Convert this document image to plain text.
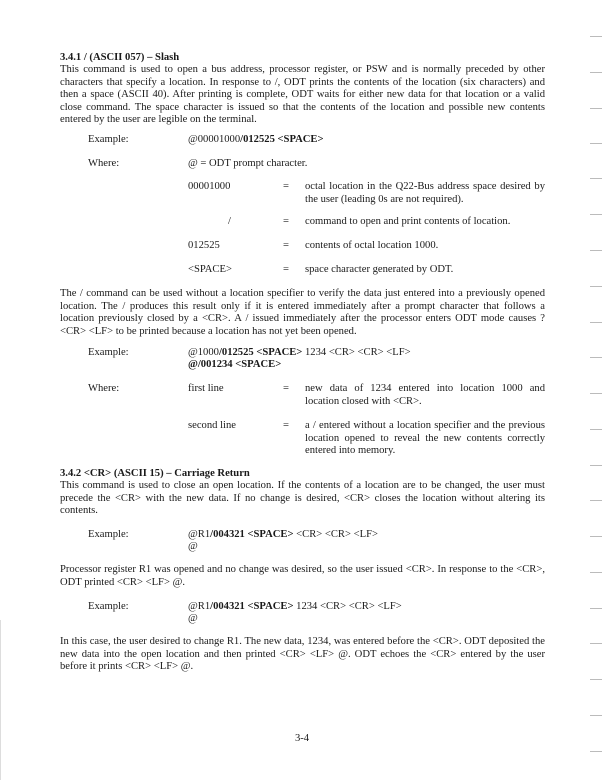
3.4.1 / (ASCII 057) – Slash
This command is used to open a bus address, processor register, or PSW and is normally preceded by other characters that specify a location. In response to /, ODT prints the contents of the location (six characters) and then a space (ASCII 40). After printing is complete, ODT waits for either new data for that location or a valid close command. The space character is issued so that the contents of the location and possible new contents entered by the user are legible on the terminal.
Example:	@00001000/012525 <SPACE>
Where:	@ = ODT prompt character.
00001000	= octal location in the Q22-Bus address space desired by the user (leading 0s are not required).
/	= command to open and print contents of location.
012525	= contents of octal location 1000.
<SPACE>	= space character generated by ODT.
The / command can be used without a location specifier to verify the data just entered into a previously opened location. The / produces this result only if it is entered immediately after a prompt character that follows a location previously closed by a <CR>. A / issued immediately after the processor enters ODT mode causes ? <CR> <LF> to be printed because a location has not yet been opened.
Example:	@1000/012525 <SPACE> 1234 <CR> <CR> <LF>
@/001234 <SPACE>
Where:	first line	= new data of 1234 entered into location 1000 and location closed with <CR>.
second line	= a / entered without a location specifier and the previous location opened to reveal the new contents correctly entered into memory.
3.4.2 <CR> (ASCII 15) – Carriage Return
This command is used to close an open location. If the contents of a location are to be changed, the user must precede the <CR> with the new data. If no change is desired, <CR> closes the location without altering its contents.
Example:	@R1/004321 <SPACE> <CR> <CR> <LF>
@
Processor register R1 was opened and no change was desired, so the user issued <CR>. In response to the <CR>, ODT printed <CR> <LF> @.
Example:	@R1/004321 <SPACE> 1234 <CR> <CR> <LF>
@
In this case, the user desired to change R1. The new data, 1234, was entered before the <CR>. ODT deposited the new data into the open location and then printed <CR> <LF> @. ODT echoes the <CR> entered by the user before it prints <CR> <LF> @.
3-4
